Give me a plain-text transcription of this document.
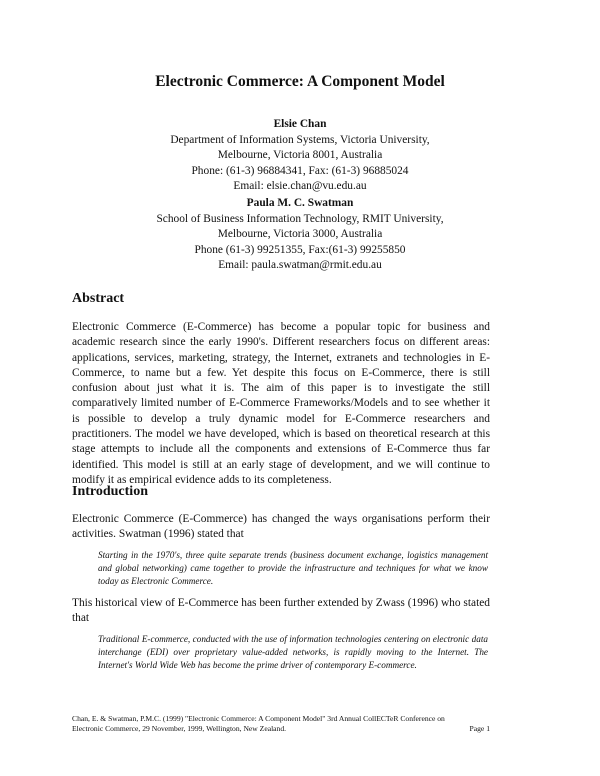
Electronic Commerce: A Component Model
Elsie Chan
Department of Information Systems, Victoria University,
Melbourne, Victoria 8001, Australia
Phone: (61-3) 96884341, Fax: (61-3) 96885024
Email: elsie.chan@vu.edu.au
Paula M. C. Swatman
School of Business Information Technology, RMIT University,
Melbourne, Victoria 3000, Australia
Phone (61-3) 99251355, Fax:(61-3) 99255850
Email: paula.swatman@rmit.edu.au
Abstract
Electronic Commerce (E-Commerce) has become a popular topic for business and academic research since the early 1990's. Different researchers focus on different areas: applications, services, marketing, strategy, the Internet, extranets and technologies in E-Commerce, to name but a few. Yet despite this focus on E-Commerce, there is still confusion about just what it is. The aim of this paper is to investigate the still comparatively limited number of E-Commerce Frameworks/Models and to see whether it is possible to develop a truly dynamic model for E-Commerce researchers and practitioners. The model we have developed, which is based on theoretical research at this stage attempts to include all the components and extensions of E-Commerce thus far identified. This model is still at an early stage of development, and we will continue to modify it as empirical evidence adds to its completeness.
Introduction
Electronic Commerce (E-Commerce) has changed the ways organisations perform their activities. Swatman (1996) stated that
Starting in the 1970's, three quite separate trends (business document exchange, logistics management and global networking) came together to provide the infrastructure and techniques for what we know today as Electronic Commerce.
This historical view of E-Commerce has been further extended by Zwass (1996) who stated that
Traditional E-commerce, conducted with the use of information technologies centering on electronic data interchange (EDI) over proprietary value-added networks, is rapidly moving to the Internet. The Internet's World Wide Web has become the prime driver of contemporary E-commerce.
Chan, E. & Swatman, P.M.C. (1999) "Electronic Commerce: A Component Model" 3rd Annual CollECTeR Conference on
Electronic Commerce, 29 November, 1999, Wellington, New Zealand.	Page 1
